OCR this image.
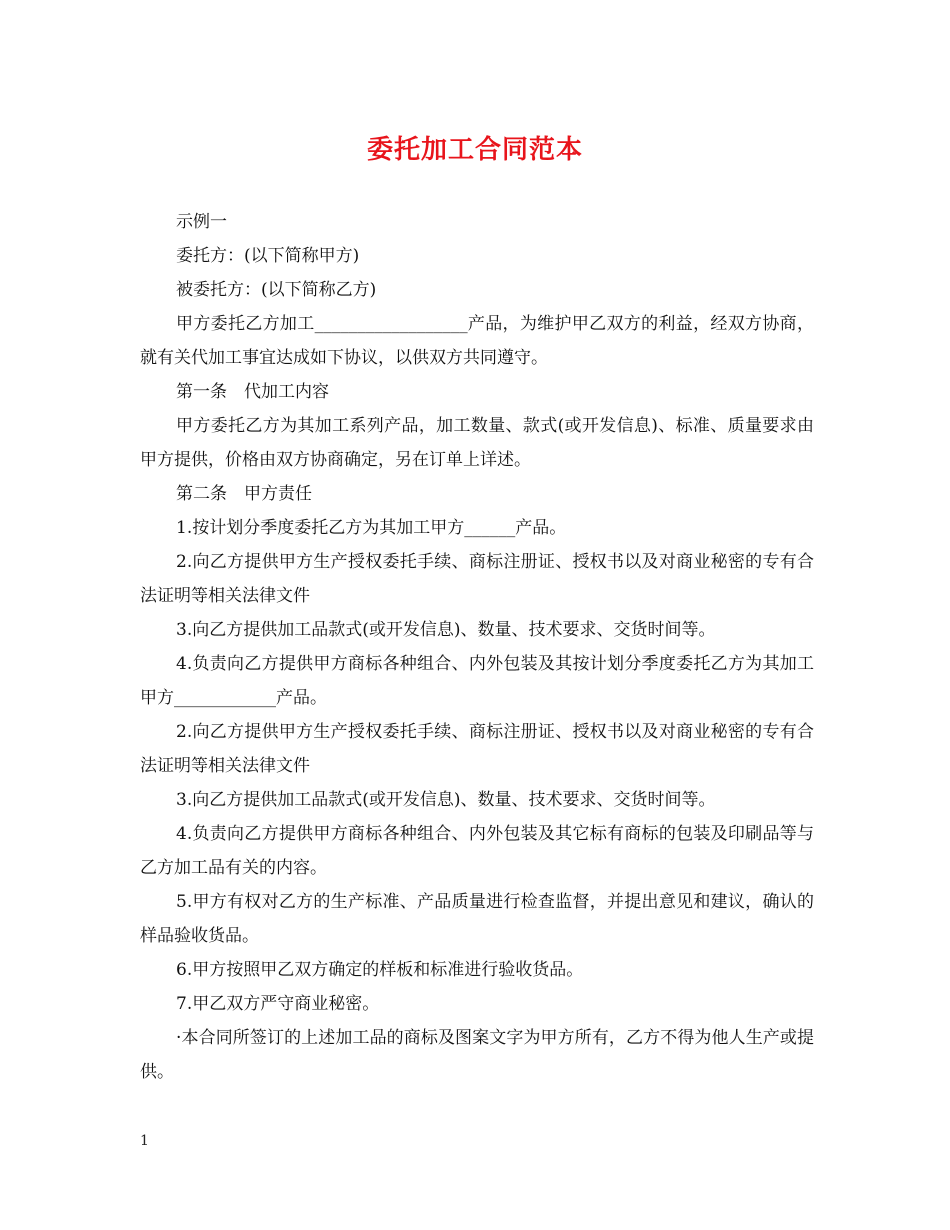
委托加工合同范本

示例一

委托方：(以下简称甲方)

被委托方：(以下简称乙方)

甲方委托乙方加工__________________产品，为维护甲乙双方的利益，经双方协商，就有关代加工事宜达成如下协议，以供双方共同遵守。

第一条　代加工内容

甲方委托乙方为其加工系列产品，加工数量、款式(或开发信息)、标准、质量要求由甲方提供，价格由双方协商确定，另在订单上详述。

第二条　甲方责任

1.按计划分季度委托乙方为其加工甲方______产品。

2.向乙方提供甲方生产授权委托手续、商标注册证、授权书以及对商业秘密的专有合法证明等相关法律文件

3.向乙方提供加工品款式(或开发信息)、数量、技术要求、交货时间等。

4.负责向乙方提供甲方商标各种组合、内外包装及其按计划分季度委托乙方为其加工甲方____________产品。

2.向乙方提供甲方生产授权委托手续、商标注册证、授权书以及对商业秘密的专有合法证明等相关法律文件

3.向乙方提供加工品款式(或开发信息)、数量、技术要求、交货时间等。

4.负责向乙方提供甲方商标各种组合、内外包装及其它标有商标的包装及印刷品等与乙方加工品有关的内容。

5.甲方有权对乙方的生产标准、产品质量进行检查监督，并提出意见和建议，确认的样品验收货品。

6.甲方按照甲乙双方确定的样板和标准进行验收货品。

7.甲乙双方严守商业秘密。

·本合同所签订的上述加工品的商标及图案文字为甲方所有，乙方不得为他人生产或提供。

1
